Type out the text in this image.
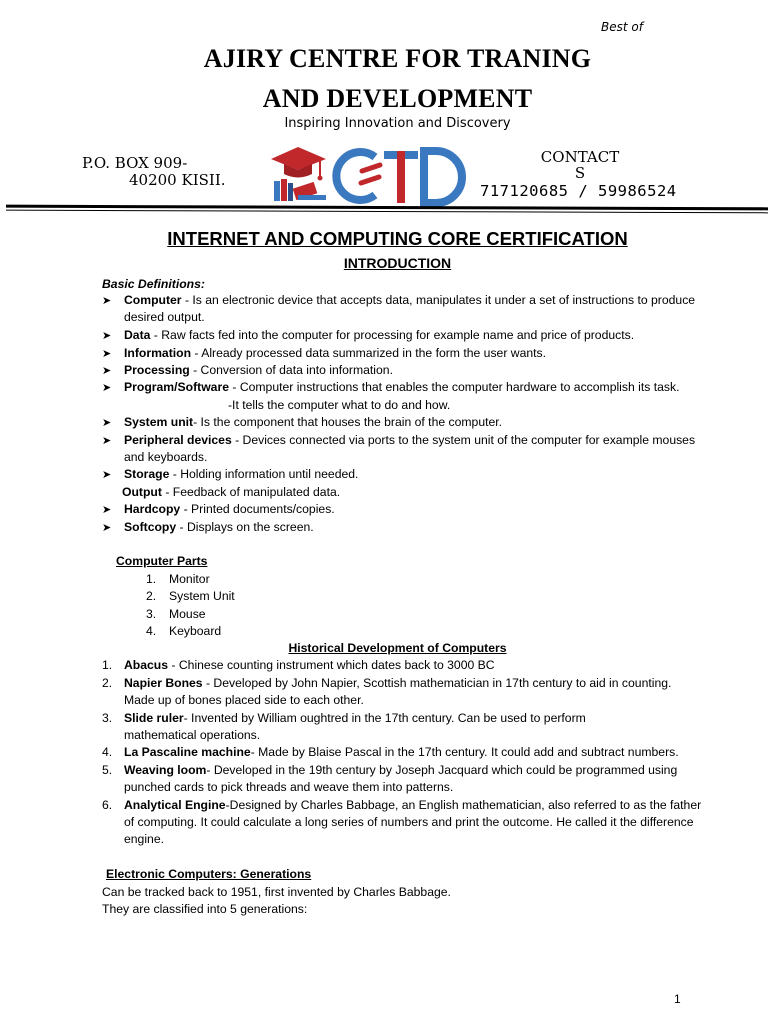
Best of
AJIRY CENTRE FOR TRANING
AND DEVELOPMENT
Inspiring Innovation and Discovery
P.O. BOX 909-
40200 KISII.
CONTACT
S
717120685 / 59986524
INTERNET AND COMPUTING CORE CERTIFICATION
INTRODUCTION
Basic Definitions:
➤ Computer - Is an electronic device that accepts data, manipulates it under a set of instructions to produce
desired output.
➤ Data - Raw facts fed into the computer for processing for example name and price of products.
➤ Information - Already processed data summarized in the form the user wants.
➤ Processing - Conversion of data into information.
➤ Program/Software - Computer instructions that enables the computer hardware to accomplish its task.
-It tells the computer what to do and how.
➤ System unit- Is the component that houses the brain of the computer.
➤ Peripheral devices - Devices connected via ports to the system unit of the computer for example mouses
and keyboards.
➤ Storage - Holding information until needed.
Output - Feedback of manipulated data.
➤ Hardcopy - Printed documents/copies.
➤ Softcopy - Displays on the screen.
Computer Parts
1. Monitor
2. System Unit
3. Mouse
4. Keyboard
Historical Development of Computers
1. Abacus - Chinese counting instrument which dates back to 3000 BC
2. Napier Bones - Developed by John Napier, Scottish mathematician in 17th century to aid in counting.
Made up of bones placed side to each other.
3. Slide ruler- Invented by William oughtred in the 17th century. Can be used to perform
mathematical operations.
4. La Pascaline machine- Made by Blaise Pascal in the 17th century. It could add and subtract numbers.
5. Weaving loom- Developed in the 19th century by Joseph Jacquard which could be programmed using
punched cards to pick threads and weave them into patterns.
6. Analytical Engine-Designed by Charles Babbage, an English mathematician, also referred to as the father
of computing. It could calculate a long series of numbers and print the outcome. He called it the difference
engine.
Electronic Computers: Generations
Can be tracked back to 1951, first invented by Charles Babbage.
They are classified into 5 generations:
1
